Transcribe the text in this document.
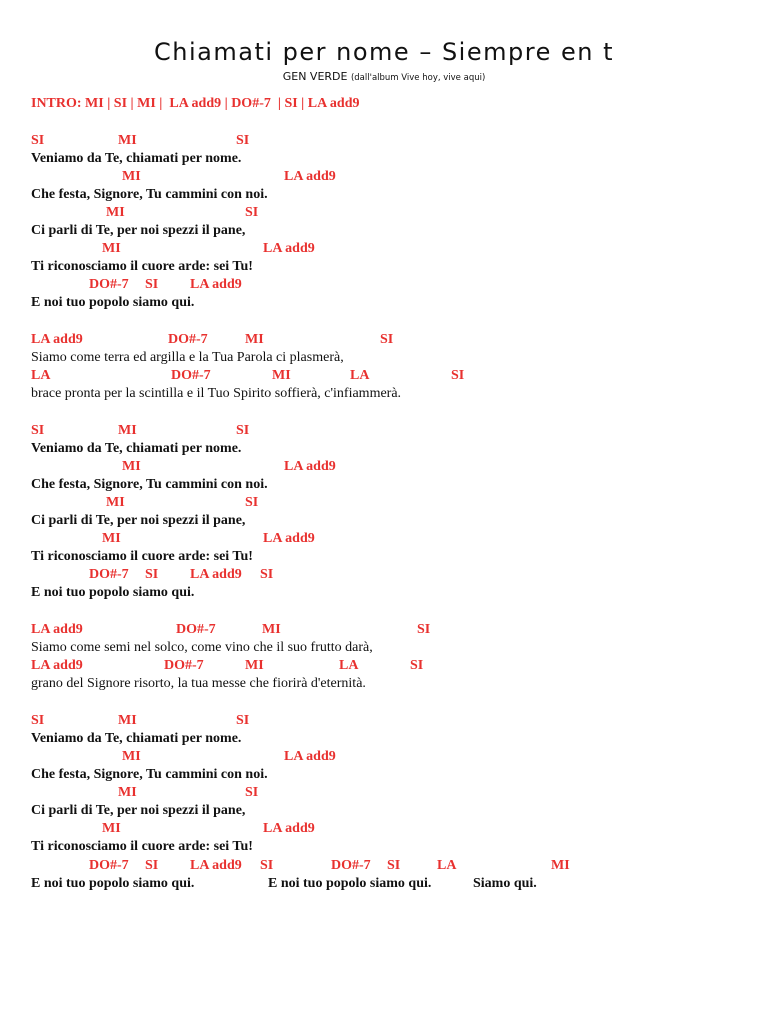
Chiamati per nome – Siempre en t
GEN VERDE (dall'album Vive hoy, vive aqui)
INTRO: MI | SI | MI |  LA add9 | DO#-7  | SI | LA add9

SI

	MI

	SI

Veniamo da Te, chiamati per nome.

MI

	LA add9

Che festa, Signore, Tu cammini con noi.

MI

	SI

Ci parli di Te, per noi spezzi il pane,

MI

	LA add9

Ti riconosciamo il cuore arde: sei Tu!

DO#-7

SI

LA add9

E noi tuo popolo siamo qui.

LA add9

	DO#-7

	MI

	SI

Siamo come terra ed argilla e la Tua Parola ci plasmerà,

LA

	DO#-7

	MI

	LA

	SI

brace pronta per la scintilla e il Tuo Spirito soffierà, c'infiammerà.

SI

	MI

	SI

Veniamo da Te, chiamati per nome.

MI

	LA add9

Che festa, Signore, Tu cammini con noi.

MI

	SI

Ci parli di Te, per noi spezzi il pane,

MI

	LA add9

Ti riconosciamo il cuore arde: sei Tu!

DO#-7

SI

LA add9

SI

E noi tuo popolo siamo qui.

LA add9

	DO#-7

	MI

	SI

Siamo come semi nel solco, come vino che il suo frutto darà,

LA add9

	DO#-7

	MI

	LA

	SI

grano del Signore risorto, la tua messe che fiorirà d'eternità.

SI

	MI

	SI

Veniamo da Te, chiamati per nome.

MI

	LA add9

Che festa, Signore, Tu cammini con noi.

MI

	SI

Ci parli di Te, per noi spezzi il pane,

MI

	LA add9

Ti riconosciamo il cuore arde: sei Tu!

DO#-7

SI

LA add9

SI

	DO#-7

SI

	LA

	MI

E noi tuo popolo siamo qui.

	E noi tuo popolo siamo qui.

	Siamo qui.
